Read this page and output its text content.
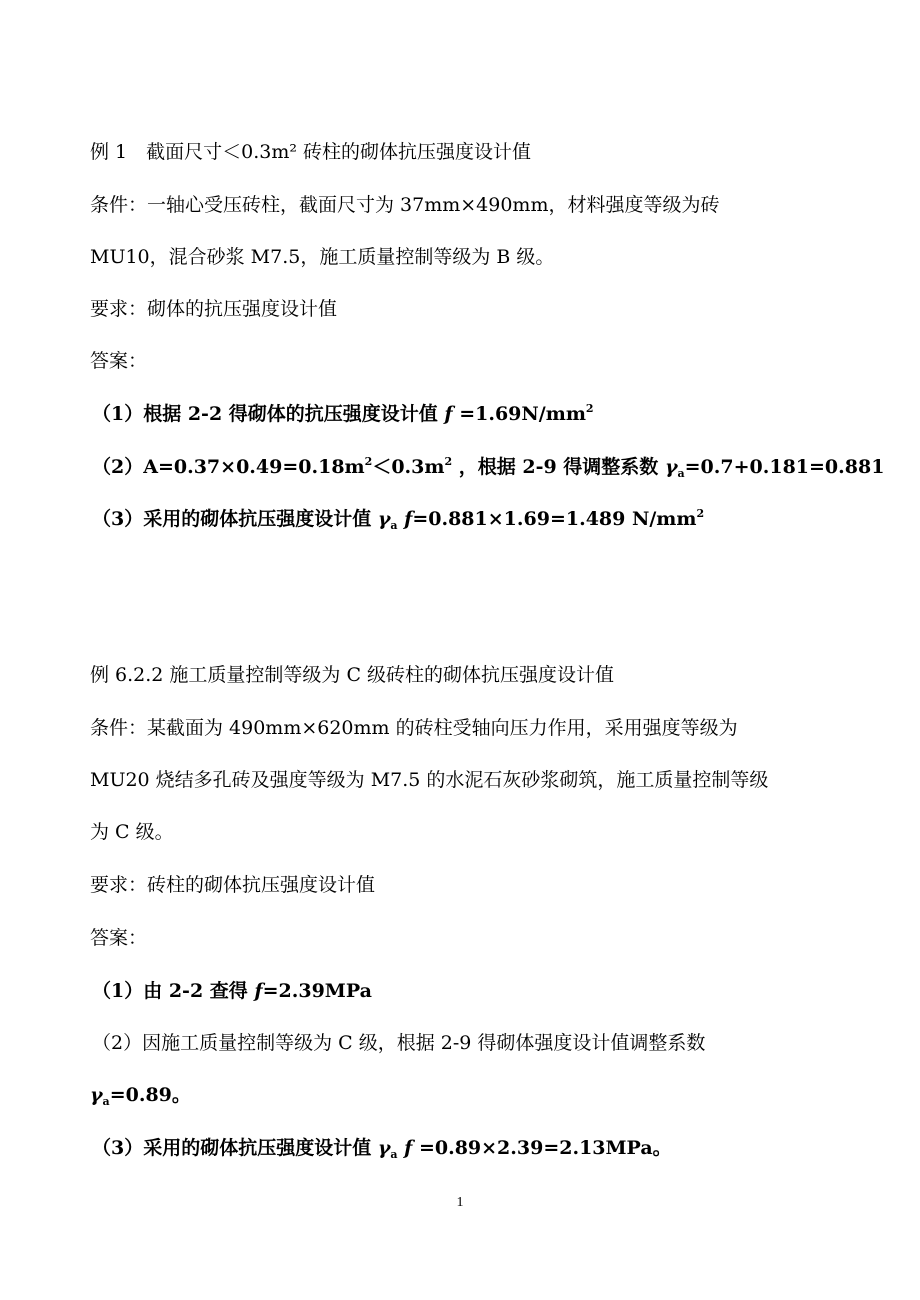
例 1　截面尺寸＜0.3m² 砖柱的砌体抗压强度设计值
条件：一轴心受压砖柱，截面尺寸为 37mm×490mm，材料强度等级为砖
MU10，混合砂浆 M7.5，施工质量控制等级为 B 级。
要求：砌体的抗压强度设计值
答案：
（1）根据 2-2 得砌体的抗压强度设计值 $f =1.69N/mm^2$
$(2)A=0.37\times 0.49=0.18m^2<0.3m^2$ ，根据 2-9 得调整系数 $\gamma_a=0.7+0.181=0.881$
（3）采用的砌体抗压强度设计值 $\gamma_a$ f=0.881×1.69=1.489 $N/mm^2$
例 6.2.2 施工质量控制等级为 C 级砖柱的砌体抗压强度设计值
条件：某截面为 490mm×620mm 的砖柱受轴向压力作用，采用强度等级为
MU20 烧结多孔砖及强度等级为 M7.5 的水泥石灰砂浆砌筑，施工质量控制等级
为 C 级。
要求：砖柱的砌体抗压强度设计值
答案：
（1）由 2-2 查得 f=2.39MPa
（2）因施工质量控制等级为 C 级，根据 2-9 得砌体强度设计值调整系数
$\gamma_a=0.89$。
（3）采用的砌体抗压强度设计值 $\gamma_a$ f =0.89×2.39=2.13MPa。
1
